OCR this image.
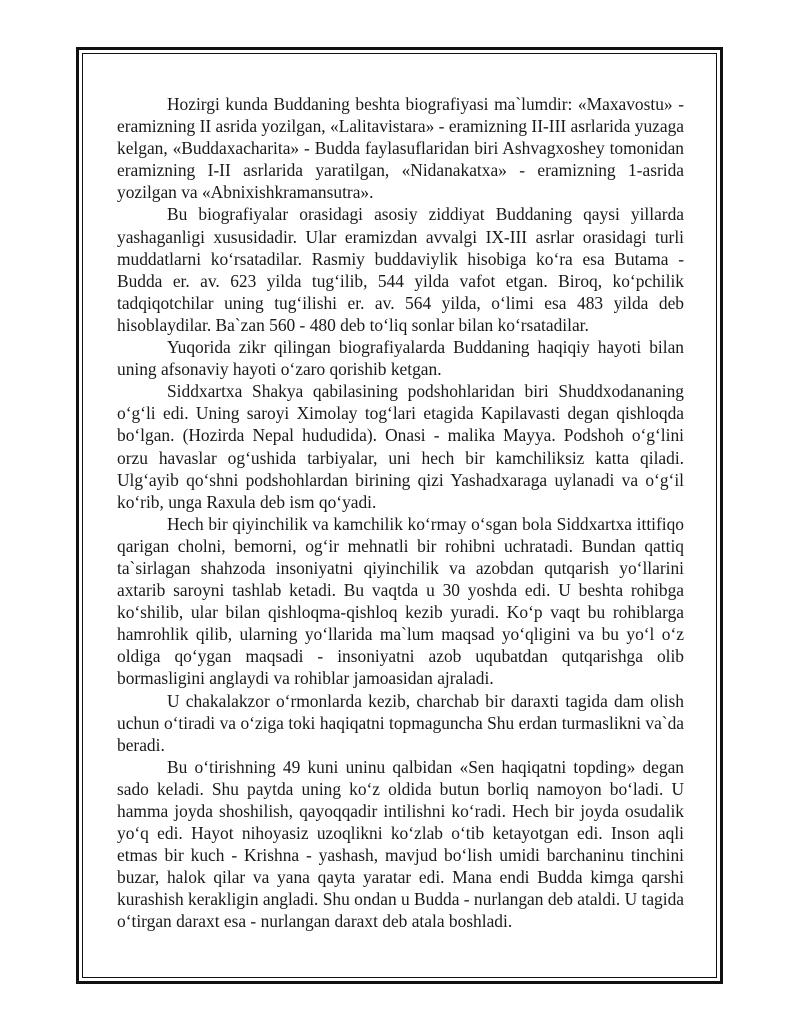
Hozirgi kunda Buddaning beshta biografiyasi ma`lumdir: «Maxavostu» - eramizning II asrida yozilgan, «Lalitavistara» - eramizning II-III asrlarida yuzaga kelgan, «Buddaxacharita» - Budda faylasuflaridan biri Ashvagxoshey tomonidan eramizning I-II asrlarida yaratilgan, «Nidanakatxa» - eramizning 1-asrida yozilgan va «Abnixishkramansutra».

Bu biografiyalar orasidagi asosiy ziddiyat Buddaning qaysi yillarda yashaganligi xususidadir. Ular eramizdan avvalgi IX-III asrlar orasidagi turli muddatlarni ko‘rsatadilar. Rasmiy buddaviylik hisobiga ko‘ra esa Butama - Budda er. av. 623 yilda tug‘ilib, 544 yilda vafot etgan. Biroq, ko‘pchilik tadqiqotchilar uning tug‘ilishi er. av. 564 yilda, o‘limi esa 483 yilda deb hisoblaydilar. Ba`zan 560 - 480 deb to‘liq sonlar bilan ko‘rsatadilar.

Yuqorida zikr qilingan biografiyalarda Buddaning haqiqiy hayoti bilan uning afsonaviy hayoti o‘zaro qorishib ketgan.

Siddxartxa Shakya qabilasining podshohlaridan biri Shuddxodananing o‘g‘li edi. Uning saroyi Ximolay tog‘lari etagida Kapilavasti degan qishloqda bo‘lgan. (Hozirda Nepal hududida). Onasi - malika Mayya. Podshoh o‘g‘lini orzu havaslar og‘ushida tarbiyalar, uni hech bir kamchiliksiz katta qiladi. Ulg‘ayib qo‘shni podshohlardan birining qizi Yashadxaraga uylanadi va o‘g‘il ko‘rib, unga Raxula deb ism qo‘yadi.

Hech bir qiyinchilik va kamchilik ko‘rmay o‘sgan bola Siddxartxa ittifiqo qarigan cholni, bemorni, og‘ir mehnatli bir rohibni uchratadi. Bundan qattiq ta`sirlagan shahzoda insoniyatni qiyinchilik va azobdan qutqarish yo‘llarini axtarib saroyni tashlab ketadi. Bu vaqtda u 30 yoshda edi. U beshta rohibga ko‘shilib, ular bilan qishloqma-qishloq kezib yuradi. Ko‘p vaqt bu rohiblarga hamrohlik qilib, ularning yo‘llarida ma`lum maqsad yo‘qligini va bu yo‘l o‘z oldiga qo‘ygan maqsadi - insoniyatni azob uqubatdan qutqarishga olib bormasligini anglaydi va rohiblar jamoasidan ajraladi.

U chakalakzor o‘rmonlarda kezib, charchab bir daraxti tagida dam olish uchun o‘tiradi va o‘ziga toki haqiqatni topmaguncha Shu erdan turmaslikni va`da beradi.

Bu o‘tirishning 49 kuni uninu qalbidan «Sen haqiqatni topding» degan sado keladi. Shu paytda uning ko‘z oldida butun borliq namoyon bo‘ladi. U hamma joyda shoshilish, qayoqqadir intilishni ko‘radi. Hech bir joyda osudalik yo‘q edi. Hayot nihoyasiz uzoqlikni ko‘zlab o‘tib ketayotgan edi. Inson aqli etmas bir kuch - Krishna - yashash, mavjud bo‘lish umidi barchaninu tinchini buzar, halok qilar va yana qayta yaratar edi. Mana endi Budda kimga qarshi kurashish kerakligin angladi. Shu ondan u Budda - nurlangan deb ataldi. U tagida o‘tirgan daraxt esa - nurlangan daraxt deb atala boshladi.
